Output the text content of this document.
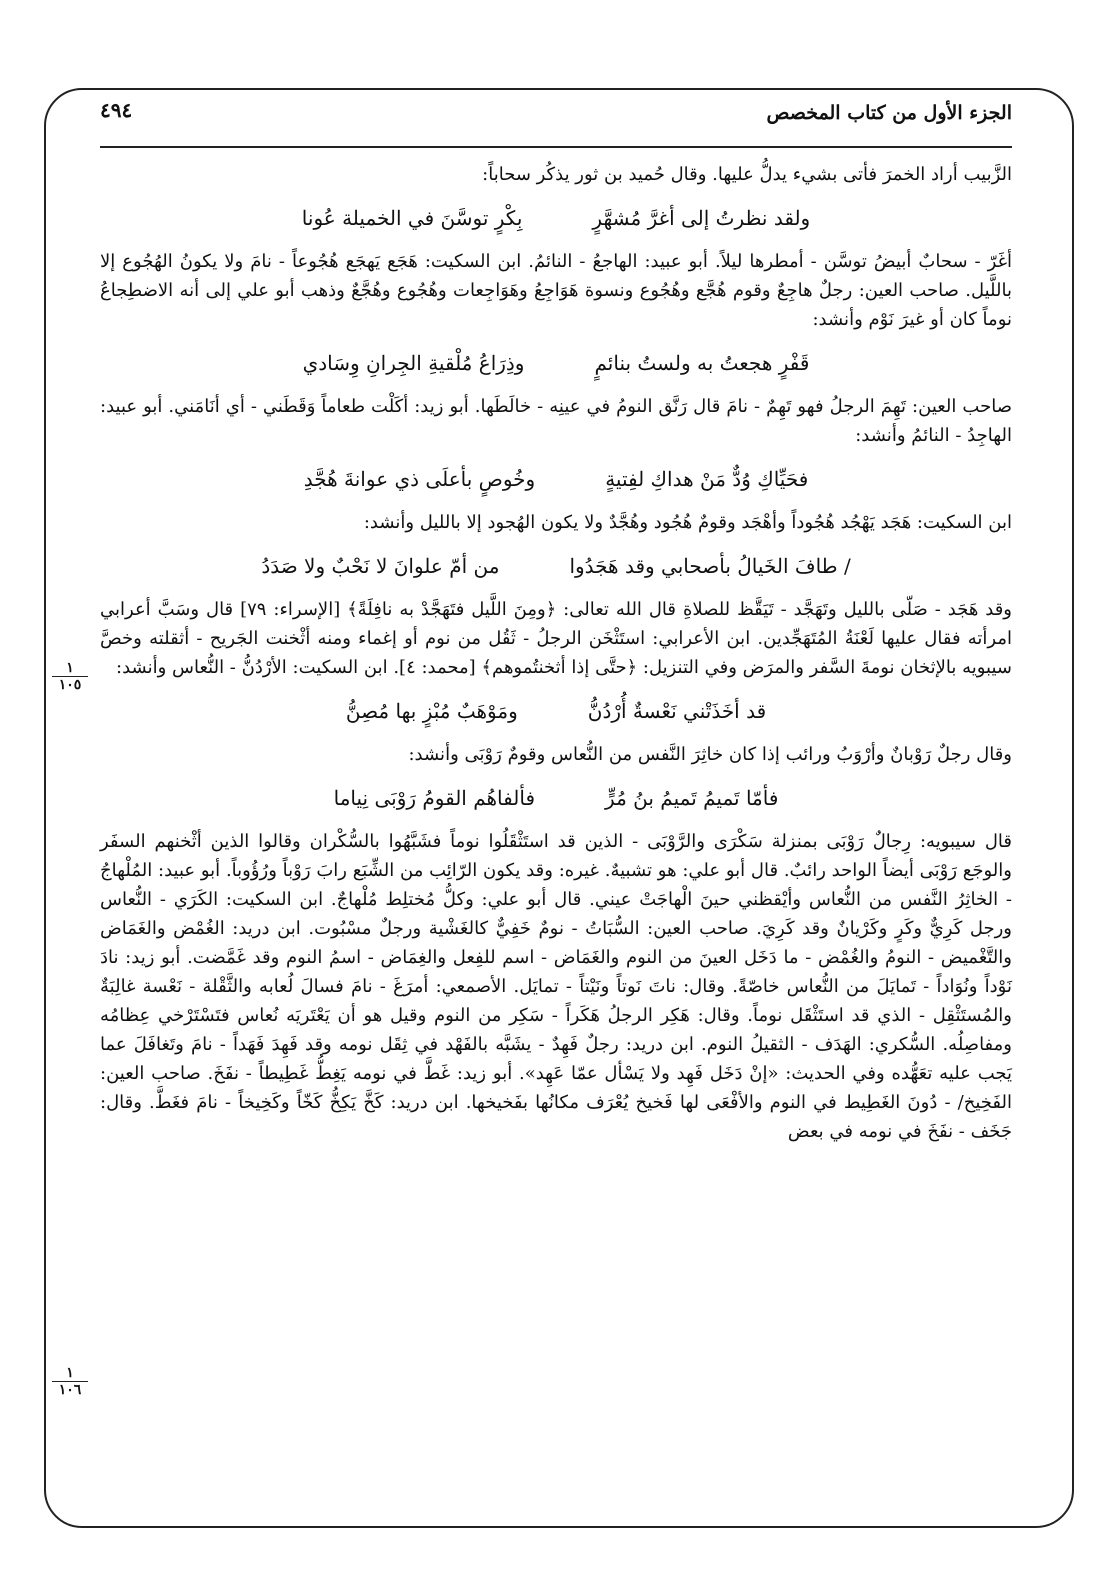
الجزء الأول من كتاب المخصص
٤٩٤

الزَّبيب أراد الخمرَ فأتى بشيء يدلُّ عليها. وقال حُميد بن ثور يذكُر سحاباً:

ولقد نظرتُ إلى أغرَّ مُشهَّرٍ
بِكْرٍ توسَّنَ في الخميلة عُونا

أغَرّ - سحابٌ أبيضُ توسَّن - أمطرها ليلاً. أبو عبيد: الهاجعُ - النائمُ. ابن السكيت: هَجَع يَهجَع هُجُوعاً - نامَ ولا يكونُ الهُجُوع إلا باللَّيل. صاحب العين: رجلٌ هاجِعٌ وقوم هُجَّع وهُجُوع ونسوة هَوَاجِعُ وهَوَاجِعات وهُجُوع وهُجَّعٌ وذهب أبو علي إلى أنه الاضطِجاعُ نوماً كان أو غيرَ نَوْم وأنشد:

قَفْرٍ هجعتُ به ولستُ بنائمٍ
وذِرَاعُ مُلْقيةِ الجِرانِ وِسَادي

صاحب العين: تَهِمَ الرجلُ فهو تَهِمٌ - نامَ قال رَنَّق النومُ في عينِه - خالَطَها. أبو زيد: أكَلْت طعاماً وَقَطَني - أي أنَامَني. أبو عبيد: الهاجِدُ - النائمُ وأنشد:

فحَيِّاكِ وُدٌّ مَنْ هداكِ لفِتيةٍ
وخُوصٍ بأعلَى ذي عوانةَ هُجَّدِ

ابن السكيت: هَجَد يَهْجُد هُجُوداً وأهْجَد وقومٌ هُجُود وهُجَّدٌ ولا يكون الهُجود إلا بالليل وأنشد:

/ طافَ الخَيالُ بأصحابي وقد هَجَدُوا
من أمّ علوانَ لا نَحْبٌ ولا صَدَدُ

وقد هَجَد - صَلّى بالليل وتَهَجَّد - تَيَقَّظ للصلاةِ قال الله تعالى: ﴿ومِنَ اللَّيل فتَهَجَّدْ به نافِلَةً﴾ [الإسراء: ٧٩] قال وسَبَّ أعرابي امرأته فقال عليها لَعْنَةُ المُتَهَجِّدين. ابن الأعرابي: استَثْخَن الرجلُ - ثَقُل من نوم أو إغماء ومنه أثْخنت الجَريح - أثقلته وخصَّ سيبويه بالإثخان نومةَ السَّفر والمرَض وفي التنزيل: ﴿حتَّى إذا أثخنتُموهم﴾ [محمد: ٤]. ابن السكيت: الأرْدُنُّ - النُّعاس وأنشد:

قد أخَذَتْني نَعْسةٌ أُرْدُنُّ
ومَوْهَبٌ مُبْزٍ بها مُصِنُّ

وقال رجلٌ رَوْبانٌ وأرْوَبُ ورائب إذا كان خاثِرَ النَّفس من النُّعاس وقومٌ رَوْبَى وأنشد:

فأمّا تَميمُ تَميمُ بنُ مُرٍّ
فألفاهُم القومُ رَوْبَى نِياما

قال سيبويه: رِجالٌ رَوْبَى بمنزلة سَكْرَى والرَّوْبَى - الذين قد استَثْقَلُوا نوماً فشَبَّهُوا بالسُّكْران وقالوا الذين أثْخنهم السفَر والوجَع رَوْبَى أيضاً الواحد رائبٌ. قال أبو علي: هو تشبيهٌ. غيره: وقد يكون الرّائِب من الشِّبَع رابَ رَوْباً ورُؤُوباً. أبو عبيد: المُلْهاجُ - الخاثِرُ النَّفس من النُّعاس وأيْقظني حينَ الْهاجَتْ عيني. قال أبو علي: وكلُّ مُختلِط مُلْهاجٌ. ابن السكيت: الكَرَي - النُّعاس ورجل كَرِيٌّ وكَرٍ وكَرْيانٌ وقد كَرِيَ. صاحب العين: السُّبَاتُ - نومٌ خَفِيٌّ كالغَشْية ورجلٌ مسْبُوت. ابن دريد: الغُمْض والغَمَاض والتَّغْميض - النومُ والغُمْض - ما دَخَل العينَ من النوم والغَمَاض - اسم للفِعل والغِمَاض - اسمُ النوم وقد غَمَّضت. أبو زيد: نادَ نَوْداً ونُوَاداً - تَمايَلَ من النُّعاس خاصّةً. وقال: ناتَ نَوتاً ونَيْتاً - تمايَل. الأصمعي: أمرَغَ - نامَ فسالَ لُعابه والثَّقْلة - نَعْسة غالِبَةٌ والمُستَثْقِل - الذي قد استَثْقَل نوماً. وقال: هَكِر الرجلُ هَكَراً - سَكِر من النوم وقيل هو أن يَعْتَريَه نُعاس فتَسْتَرْخي عِظامُه ومفاصِلُه. السُّكري: الهَدَف - الثقيلُ النوم. ابن دريد: رجلٌ فَهِدٌ - يشَبَّه بالفَهْد في ثِقَل نومه وقد فَهِدَ فَهَداً - نامَ وتَغافَلَ عما يَجب عليه تعَهُّده وفي الحديث: «إنْ دَخَل فَهِد ولا يَسْأل عمّا عَهِد». أبو زيد: غَطَّ في نومه يَغِطُّ غَطِيطاً - نفَخَ. صاحب العين: الفَخِيخ/ - دُونَ الغَطِيط في النوم والأفْعَى لها فَخيخ يُعْرَف مكانُها بفَخيخها. ابن دريد: كَخَّ يَكِخُّ كَخّاً وكَخِيخاً - نامَ فغَطَّ. وقال: جَخَف - نفَخَ في نومه في بعض

١
١٠٥
١
١٠٦
